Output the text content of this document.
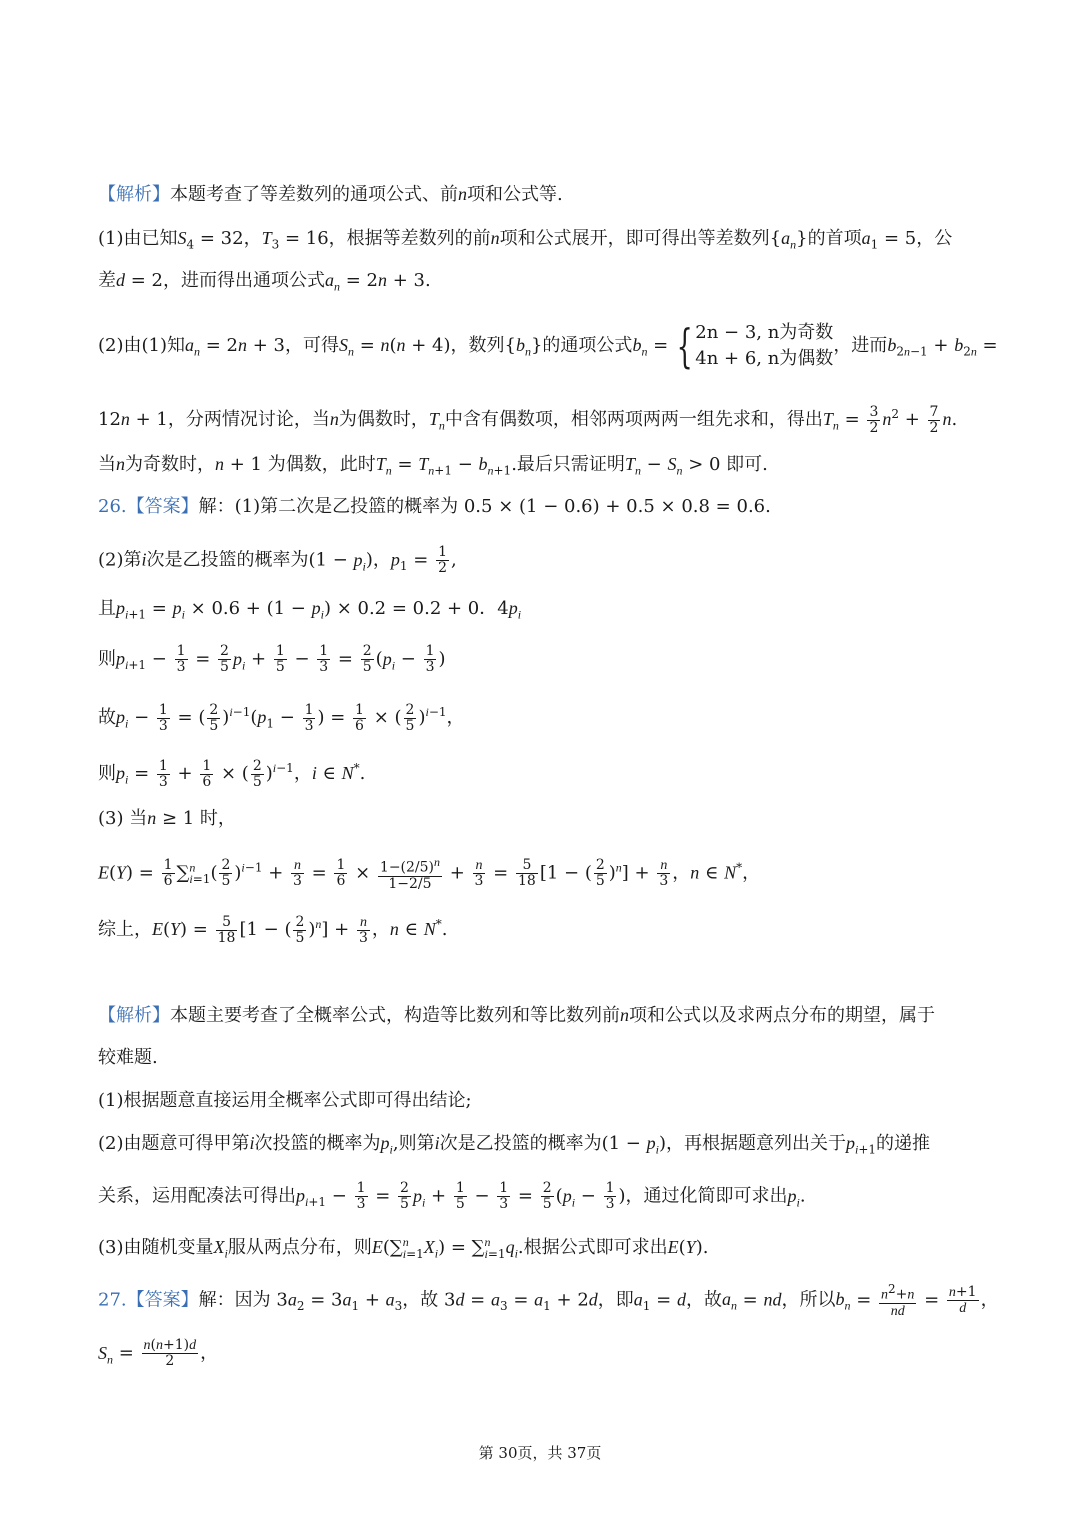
【解析】本题考查了等差数列的通项公式、前n项和公式等.
(1)由已知$S_4 = 32$，$T_3 = 16$，根据等差数列的前n项和公式展开，即可得出等差数列$\{a_n\}$的首项$a_1 = 5$，公
差d = 2，进而得出通项公式$a_n = 2n + 3$.
(2)由(1)知$a_n = 2n + 3$，可得$S_n = n(n + 4)$，数列$\{b_n\}$的通项公式$b_n$ = { 2n − 3, n为奇数
4n + 6, n为偶数
，进而$b_{2n-1} + b_{2n}$ =
12n + 1，分两情况讨论，当n为偶数时，$T_n$中含有偶数项，相邻两项两两一组先求和，得出$T_n = \frac{3}{2} n^2 + \frac{7}{2} n$.
当n为奇数时，n + 1 为偶数，此时$T_n = T_{n+1} - b_{n+1}$.最后只需证明$T_n - S_n > 0$ 即可.
26.【答案】解：(1)第二次是乙投篮的概率为 0.5 × (1 − 0.6) + 0.5 × 0.8 = 0.6.
(2)第i次是乙投篮的概率为$(1 - p_i)$，$p_1 = \frac{1}{2}$ ,
且$p_{i+1} = p_i \times 0.6 + (1 - p_i) \times 0.2 = 0.2 + 0$．$4p_i$
则$p_{i+1} - \frac{1}{3} = \frac{2}{5} p_i + \frac{1}{5} - \frac{1}{3} = \frac{2}{5} (p_i - \frac{1}{3}$ )
故$p_i - \frac{1}{3}$ = ( $\frac{2}{5} )^{i-1}(p_1 - \frac{1}{3}$ ) = $\frac{1}{6}$ × ( $\frac{2}{5} )^{i-1}$，
则$p_i = \frac{1}{3} + \frac{1}{6}$ × ( $\frac{2}{5} )^{i-1}$，i ∈ N*.
(3) 当n ≥ 1 时，
$E(Y) = \frac{1}{6} \sum^n_{i=1}( \frac{2}{5} )^{i-1} + \frac{n}{3} = \frac{1}{6} \times \frac{1-(2/5)^n}{1-2/5} + \frac{n}{3} = \frac{5}{18} [1$ − ( $\frac{2}{5} )^n] + \frac{n}{3}$ ，n ∈ N*，
综上，$E(Y) = \frac{5}{18} [1$ − ( $\frac{2}{5} )^n] + \frac{n}{3}$ ，n ∈ N*.
【解析】本题主要考查了全概率公式，构造等比数列和等比数列前n项和公式以及求两点分布的期望，属于
较难题.
(1)根据题意直接运用全概率公式即可得出结论;
(2)由题意可得甲第i次投篮的概率为$p_i$,则第i次是乙投篮的概率为$(1 - p_i)$，再根据题意列出关于$p_{i+1}$的递推
关系，运用配凑法可得出$p_{i+1} - \frac{1}{3} = \frac{2}{5} p_i + \frac{1}{5} - \frac{1}{3} = \frac{2}{5} (p_i - \frac{1}{3}$ )，通过化简即可求出$p_i$.
(3)由随机变量$X_i$服从两点分布，则$E(\sum^n_{i=1}X_i) = \sum^n_{i=1}q_i$.根据公式即可求出E(Y).
27.【答案】解：因为 $3a_2 = 3a_1 + a_3$，故 $3d = a_3 = a_1 + 2d$，即$a_1 = d$，故$a_n$ = nd，所以$b_n = \frac{n^2+n}{nd} = \frac{n+1}{d}$ ，
$S_n = \frac{n(n+1)d}{2}$ ，
第 30页，共 37页
